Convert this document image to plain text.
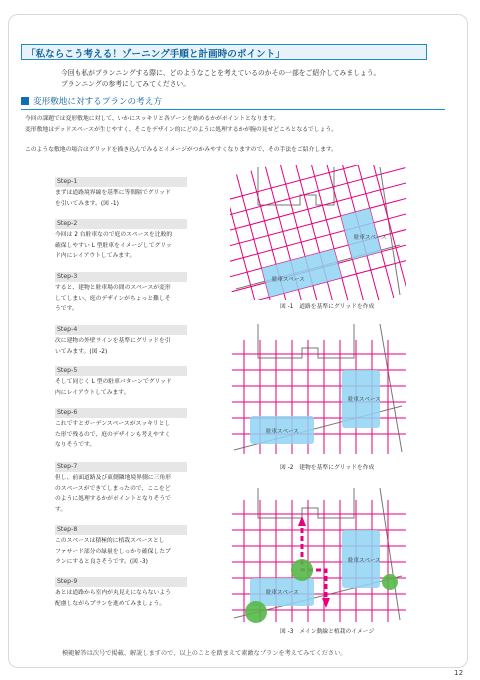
「私ならこう考える！ゾーニング手順と計画時のポイント」
今回も私がプランニングする際に、どのようなことを考えているのかその一部をご紹介してみましょう。
プランニングの参考にしてみてください。
変形敷地に対するプランの考え方
今回の課題では変形敷地に対して、いかにスッキリと各ゾーンを納めるかがポイントとなります。
変形敷地はデッドスペースが生じやすく、そこをデザイン的にどのように処理するかが腕の見せどころとなるでしょう。
このような敷地の場合はグリッドを描き込んでみるとイメージがつかみやすくなりますので、その手法をご紹介します。
Step-1
まずは道路境界線を基準に等間隔でグリッド
を引いてみます。(図 -1)
Step-2
今回は 2 台駐車なので庭のスペースを比較的
確保しやすい L 型駐車をイメージしてグリッ
ド内にレイアウトしてみます。
Step-3
すると、建物と駐車場の間のスペースが変形
してしまい、庭のデザインがちょっと難しそ
うです。
Step-4
次に建物の外壁ラインを基準にグリッドを引
いてみます。(図 -2)
Step-5
そして同じく L 型の駐車パターンでグリッド
内にレイアウトしてみます。
Step-6
これですとガーデンスペースがスッキリとし
た形で残るので、庭のデザインも考えやすく
なりそうです。
Step-7
但し、前面道路及び東側隣地境界側に三角形
のスペースができてしまったので、ここをど
のように処理するかがポイントとなりそうで
す。
Step-8
このスペースは積極的に植栽スペースとし
ファサード部分の緑量をしっかり確保したプ
ランにすると良さそうです。(図 -3)
Step-9
あとは道路から室内が丸見えにならないよう
配慮しながらプランを進めてみましょう。
駐車スペース
駐車スペース
図 -1　道路を基準にグリッドを作成
駐車スペース
駐車スペース
図 -2　建物を基準にグリッドを作成
駐車スペース
駐車スペース
図 -3　メイン動線と植栽のイメージ
模範解答は次号で掲載、解説しますので、以上のことを踏まえて素敵なプランを考えてみてください。
12
